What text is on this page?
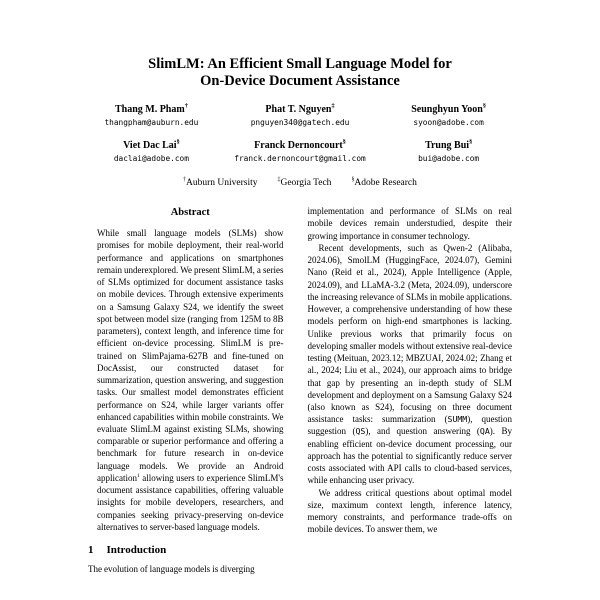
SlimLM: An Efficient Small Language Model for
On-Device Document Assistance
Thang M. Pham†
thangpham@auburn.edu
Phat T. Nguyen‡
pnguyen340@gatech.edu
Seunghyun Yoon§
syoon@adobe.com
Viet Dac Lai§
daclai@adobe.com
Franck Dernoncourt§
franck.dernoncourt@gmail.com
Trung Bui§
bui@adobe.com
†Auburn University	‡Georgia Tech	§Adobe Research
Abstract

While small language models (SLMs) show promises for mobile deployment, their real-world performance and applications on smartphones remain underexplored. We present SlimLM, a series of SLMs optimized for document assistance tasks on mobile devices. Through extensive experiments on a Samsung Galaxy S24, we identify the sweet spot between model size (ranging from 125M to 8B parameters), context length, and inference time for efficient on-device processing. SlimLM is pre-trained on SlimPajama-627B and fine-tuned on DocAssist, our constructed dataset for summarization, question answering, and suggestion tasks. Our smallest model demonstrates efficient performance on S24, while larger variants offer enhanced capabilities within mobile constraints. We evaluate SlimLM against existing SLMs, showing comparable or superior performance and offering a benchmark for future research in on-device language models. We provide an Android application$^1$ allowing users to experience SlimLM's document assistance capabilities, offering valuable insights for mobile developers, researchers, and companies seeking privacy-preserving on-device alternatives to server-based language models.

1 Introduction

The evolution of language models is diverging

implementation and performance of SLMs on real mobile devices remain understudied, despite their growing importance in consumer technology.

Recent developments, such as Qwen-2 (Alibaba, 2024.06), SmolLM (HuggingFace, 2024.07), Gemini Nano (Reid et al., 2024), Apple Intelligence (Apple, 2024.09), and LLaMA-3.2 (Meta, 2024.09), underscore the increasing relevance of SLMs in mobile applications. However, a comprehensive understanding of how these models perform on high-end smartphones is lacking. Unlike previous works that primarily focus on developing smaller models without extensive real-device testing (Meituan, 2023.12; MBZUAI, 2024.02; Zhang et al., 2024; Liu et al., 2024), our approach aims to bridge that gap by presenting an in-depth study of SLM development and deployment on a Samsung Galaxy S24 (also known as S24), focusing on three document assistance tasks: summarization (SUMM), question suggestion (QS), and question answering (QA). By enabling efficient on-device document processing, our approach has the potential to significantly reduce server costs associated with API calls to cloud-based services, while enhancing user privacy.

We address critical questions about optimal model size, maximum context length, inference latency, memory constraints, and performance trade-offs on mobile devices. To answer them, we
